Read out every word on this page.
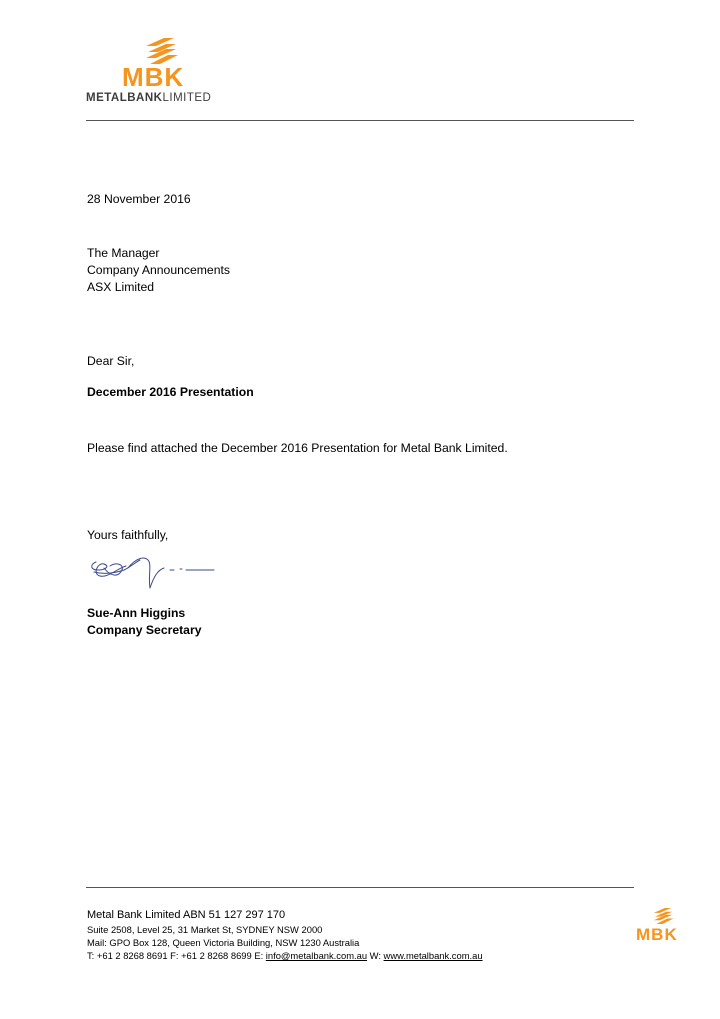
MBK
METALBANKLIMITED
28 November 2016
The Manager
Company Announcements
ASX Limited
Dear Sir,
December 2016 Presentation
Please find attached the December 2016 Presentation for Metal Bank Limited.
Yours faithfully,
Sue-Ann Higgins
Company Secretary
Metal Bank Limited ABN 51 127 297 170
Suite 2508, Level 25, 31 Market St, SYDNEY NSW 2000
Mail: GPO Box 128, Queen Victoria Building, NSW 1230 Australia
T: +61 2 8268 8691 F: +61 2 8268 8699 E: info@metalbank.com.au W: www.metalbank.com.au
MBK
